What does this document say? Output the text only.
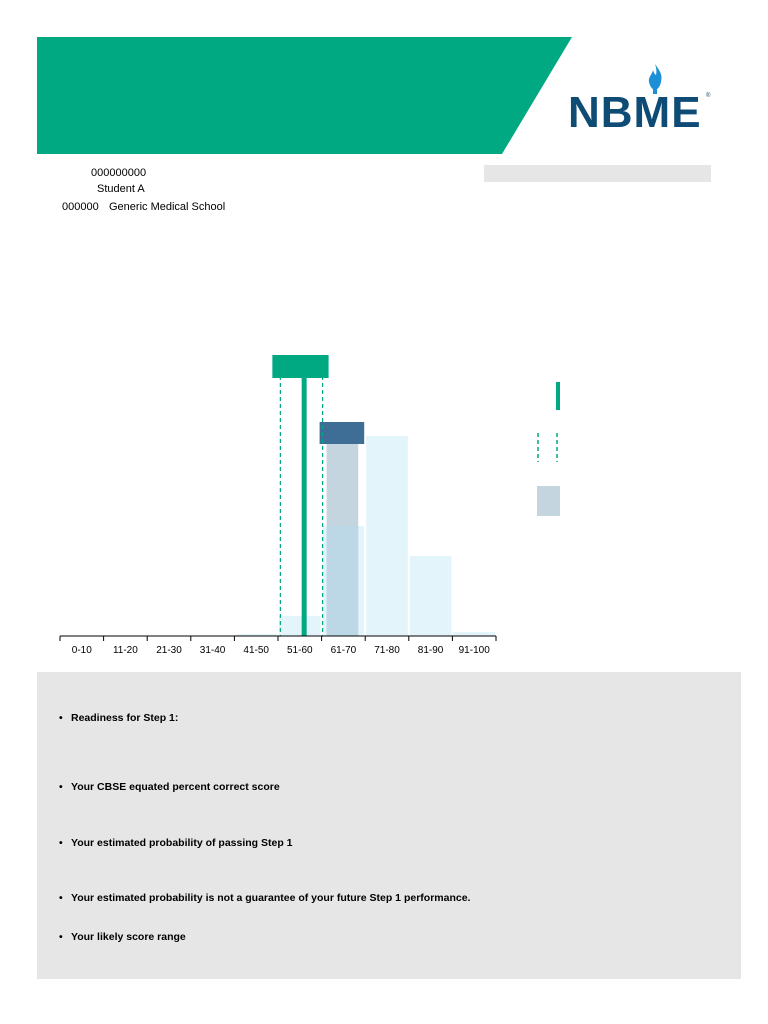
NBME ®
000000000
Student A
000000 Generic Medical School
0-10 11-20 21-30 31-40 41-50 51-60 61-70 71-80 81-90 91-100
• Readiness for Step 1:
• Your CBSE equated percent correct score
• Your estimated probability of passing Step 1
• Your estimated probability is not a guarantee of your future Step 1 performance.
• Your likely score range
